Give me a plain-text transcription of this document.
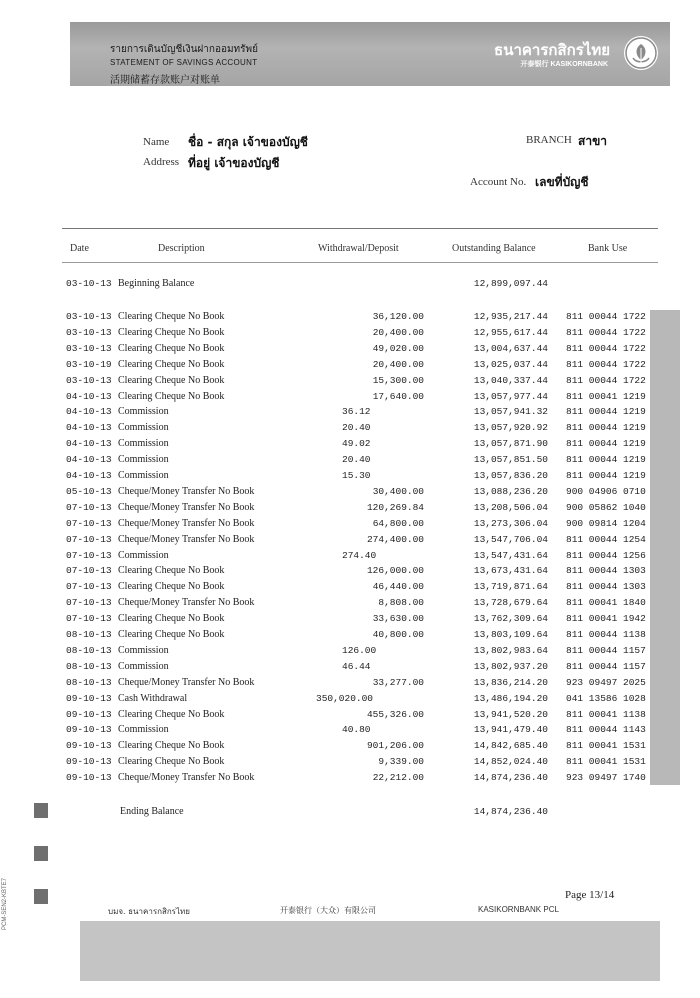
รายการเดินบัญชีเงินฝากออมทรัพย์
STATEMENT OF SAVINGS ACCOUNT
活期储蓄存款账户对账单
ธนาคารกสิกรไทย
开泰银行 KASIKORNBANK
Name ชื่อ - สกุล เจ้าของบัญชี
Address ที่อยู่ เจ้าของบัญชี
BRANCH สาขา
Account No. เลขที่บัญชี
Date	Description	Withdrawal/Deposit	Outstanding Balance	Bank Use
03-10-13 Beginning Balance	12,899,097.44
03-10-13 Clearing Cheque No Book	36,120.00	12,935,217.44 811 00044 1722
03-10-13 Clearing Cheque No Book	20,400.00	12,955,617.44 811 00044 1722
03-10-13 Clearing Cheque No Book	49,020.00	13,004,637.44 811 00044 1722
03-10-19 Clearing Cheque No Book	20,400.00	13,025,037.44 811 00044 1722
03-10-13 Clearing Cheque No Book	15,300.00	13,040,337.44 811 00044 1722
04-10-13 Clearing Cheque No Book	17,640.00	13,057,977.44 811 00041 1219
04-10-13 Commission	36.12	13,057,941.32 811 00044 1219
04-10-13 Commission	20.40	13,057,920.92 811 00044 1219
04-10-13 Commission	49.02	13,057,871.90 811 00044 1219
04-10-13 Commission	20.40	13,057,851.50 811 00044 1219
04-10-13 Commission	15.30	13,057,836.20 811 00044 1219
05-10-13 Cheque/Money Transfer No Book	30,400.00	13,088,236.20 900 04906 0710
07-10-13 Cheque/Money Transfer No Book	120,269.84	13,208,506.04 900 05862 1040
07-10-13 Cheque/Money Transfer No Book	64,800.00	13,273,306.04 900 09814 1204
07-10-13 Cheque/Money Transfer No Book	274,400.00	13,547,706.04 811 00044 1254
07-10-13 Commission	274.40	13,547,431.64 811 00044 1256
07-10-13 Clearing Cheque No Book	126,000.00	13,673,431.64 811 00044 1303
07-10-13 Clearing Cheque No Book	46,440.00	13,719,871.64 811 00044 1303
07-10-13 Cheque/Money Transfer No Book	8,808.00	13,728,679.64 811 00041 1840
07-10-13 Clearing Cheque No Book	33,630.00	13,762,309.64 811 00041 1942
08-10-13 Clearing Cheque No Book	40,800.00	13,803,109.64 811 00044 1138
08-10-13 Commission	126.00	13,802,983.64 811 00044 1157
08-10-13 Commission	46.44	13,802,937.20 811 00044 1157
08-10-13 Cheque/Money Transfer No Book	33,277.00	13,836,214.20 923 09497 2025
09-10-13 Cash Withdrawal	350,020.00	13,486,194.20 041 13586 1028
09-10-13 Clearing Cheque No Book	455,326.00	13,941,520.20 811 00041 1138
09-10-13 Commission	40.80	13,941,479.40 811 00044 1143
09-10-13 Clearing Cheque No Book	901,206.00	14,842,685.40 811 00041 1531
09-10-13 Clearing Cheque No Book	9,339.00	14,852,024.40 811 00041 1531
09-10-13 Cheque/Money Transfer No Book	22,212.00	14,874,236.40 923 09497 1740
PCM-SEN2-KBTE7
Ending Balance	14,874,236.40
Page 13/14
บมจ. ธนาคารกสิกรไทย	开泰银行（大众）有限公司	KASIKORNBANK PCL
